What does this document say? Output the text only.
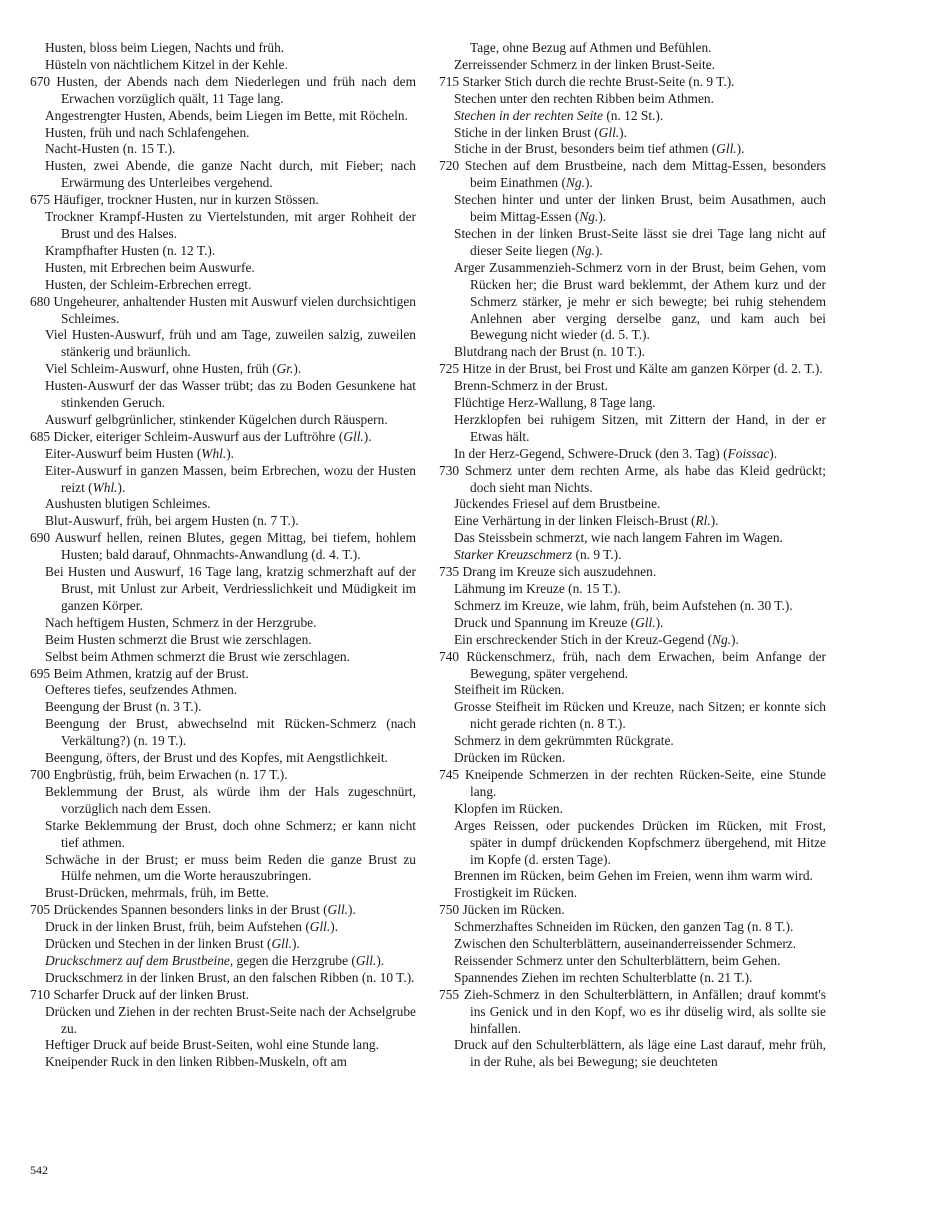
Husten, bloss beim Liegen, Nachts und früh.
Hüsteln von nächtlichem Kitzel in der Kehle.
670 Husten, der Abends nach dem Niederlegen und früh nach dem Erwachen vorzüglich quält, 11 Tage lang.
Angestrengter Husten, Abends, beim Liegen im Bette, mit Röcheln.
Husten, früh und nach Schlafengehen.
Nacht-Husten (n. 15 T.).
Husten, zwei Abende, die ganze Nacht durch, mit Fieber; nach Erwärmung des Unterleibes vergehend.
675 Häufiger, trockner Husten, nur in kurzen Stössen.
Trockner Krampf-Husten zu Viertelstunden, mit arger Rohheit der Brust und des Halses.
Krampfhafter Husten (n. 12 T.).
Husten, mit Erbrechen beim Auswurfe.
Husten, der Schleim-Erbrechen erregt.
680 Ungeheurer, anhaltender Husten mit Auswurf vielen durchsichtigen Schleimes.
Viel Husten-Auswurf, früh und am Tage, zuweilen salzig, zuweilen stänkerig und bräunlich.
Viel Schleim-Auswurf, ohne Husten, früh (Gr.).
Husten-Auswurf der das Wasser trübt; das zu Boden Gesunkene hat stinkenden Geruch.
Auswurf gelbgrünlicher, stinkender Kügelchen durch Räuspern.
685 Dicker, eiteriger Schleim-Auswurf aus der Luftröhre (Gll.).
Eiter-Auswurf beim Husten (Whl.).
Eiter-Auswurf in ganzen Massen, beim Erbrechen, wozu der Husten reizt (Whl.).
Aushusten blutigen Schleimes.
Blut-Auswurf, früh, bei argem Husten (n. 7 T.).
690 Auswurf hellen, reinen Blutes, gegen Mittag, bei tiefem, hohlem Husten; bald darauf, Ohnmachts-Anwandlung (d. 4. T.).
Bei Husten und Auswurf, 16 Tage lang, kratzig schmerzhaft auf der Brust, mit Unlust zur Arbeit, Verdriesslichkeit und Müdigkeit im ganzen Körper.
Nach heftigem Husten, Schmerz in der Herzgrube.
Beim Husten schmerzt die Brust wie zerschlagen.
Selbst beim Athmen schmerzt die Brust wie zerschlagen.
695 Beim Athmen, kratzig auf der Brust.
Oefteres tiefes, seufzendes Athmen.
Beengung der Brust (n. 3 T.).
Beengung der Brust, abwechselnd mit Rücken-Schmerz (nach Verkältung?) (n. 19 T.).
Beengung, öfters, der Brust und des Kopfes, mit Aengstlichkeit.
700 Engbrüstig, früh, beim Erwachen (n. 17 T.).
Beklemmung der Brust, als würde ihm der Hals zugeschnürt, vorzüglich nach dem Essen.
Starke Beklemmung der Brust, doch ohne Schmerz; er kann nicht tief athmen.
Schwäche in der Brust; er muss beim Reden die ganze Brust zu Hülfe nehmen, um die Worte herauszubringen.
Brust-Drücken, mehrmals, früh, im Bette.
705 Drückendes Spannen besonders links in der Brust (Gll.).
Druck in der linken Brust, früh, beim Aufstehen (Gll.).
Drücken und Stechen in der linken Brust (Gll.).
Druckschmerz auf dem Brustbeine, gegen die Herzgrube (Gll.).
Druckschmerz in der linken Brust, an den falschen Ribben (n. 10 T.).
710 Scharfer Druck auf der linken Brust.
Drücken und Ziehen in der rechten Brust-Seite nach der Achselgrube zu.
Heftiger Druck auf beide Brust-Seiten, wohl eine Stunde lang.
Kneipender Ruck in den linken Ribben-Muskeln, oft am
Tage, ohne Bezug auf Athmen und Befühlen.
Zerreissender Schmerz in der linken Brust-Seite.
715 Starker Stich durch die rechte Brust-Seite (n. 9 T.).
Stechen unter den rechten Ribben beim Athmen.
Stechen in der rechten Seite (n. 12 St.).
Stiche in der linken Brust (Gll.).
Stiche in der Brust, besonders beim tief athmen (Gll.).
720 Stechen auf dem Brustbeine, nach dem Mittag-Essen, besonders beim Einathmen (Ng.).
Stechen hinter und unter der linken Brust, beim Ausathmen, auch beim Mittag-Essen (Ng.).
Stechen in der linken Brust-Seite lässt sie drei Tage lang nicht auf dieser Seite liegen (Ng.).
Arger Zusammenzieh-Schmerz vorn in der Brust, beim Gehen, vom Rücken her; die Brust ward beklemmt, der Athem kurz und der Schmerz stärker, je mehr er sich bewegte; bei ruhig stehendem Anlehnen aber verging derselbe ganz, und kam auch bei Bewegung nicht wieder (d. 5. T.).
Blutdrang nach der Brust (n. 10 T.).
725 Hitze in der Brust, bei Frost und Kälte am ganzen Körper (d. 2. T.).
Brenn-Schmerz in der Brust.
Flüchtige Herz-Wallung, 8 Tage lang.
Herzklopfen bei ruhigem Sitzen, mit Zittern der Hand, in der er Etwas hält.
In der Herz-Gegend, Schwere-Druck (den 3. Tag) (Foissac).
730 Schmerz unter dem rechten Arme, als habe das Kleid gedrückt; doch sieht man Nichts.
Jückendes Friesel auf dem Brustbeine.
Eine Verhärtung in der linken Fleisch-Brust (Rl.).
Das Steissbein schmerzt, wie nach langem Fahren im Wagen.
Starker Kreuzschmerz (n. 9 T.).
735 Drang im Kreuze sich auszudehnen.
Lähmung im Kreuze (n. 15 T.).
Schmerz im Kreuze, wie lahm, früh, beim Aufstehen (n. 30 T.).
Druck und Spannung im Kreuze (Gll.).
Ein erschreckender Stich in der Kreuz-Gegend (Ng.).
740 Rückenschmerz, früh, nach dem Erwachen, beim Anfange der Bewegung, später vergehend.
Steifheit im Rücken.
Grosse Steifheit im Rücken und Kreuze, nach Sitzen; er konnte sich nicht gerade richten (n. 8 T.).
Schmerz in dem gekrümmten Rückgrate.
Drücken im Rücken.
745 Kneipende Schmerzen in der rechten Rücken-Seite, eine Stunde lang.
Klopfen im Rücken.
Arges Reissen, oder puckendes Drücken im Rücken, mit Frost, später in dumpf drückenden Kopfschmerz übergehend, mit Hitze im Kopfe (d. ersten Tage).
Brennen im Rücken, beim Gehen im Freien, wenn ihm warm wird.
Frostigkeit im Rücken.
750 Jücken im Rücken.
Schmerzhaftes Schneiden im Rücken, den ganzen Tag (n. 8 T.).
Zwischen den Schulterblättern, auseinanderreissender Schmerz.
Reissender Schmerz unter den Schulterblättern, beim Gehen.
Spannendes Ziehen im rechten Schulterblatte (n. 21 T.).
755 Zieh-Schmerz in den Schulterblättern, in Anfällen; drauf kommt's ins Genick und in den Kopf, wo es ihr düselig wird, als sollte sie hinfallen.
Druck auf den Schulterblättern, als läge eine Last darauf, mehr früh, in der Ruhe, als bei Bewegung; sie deuchteten
542
